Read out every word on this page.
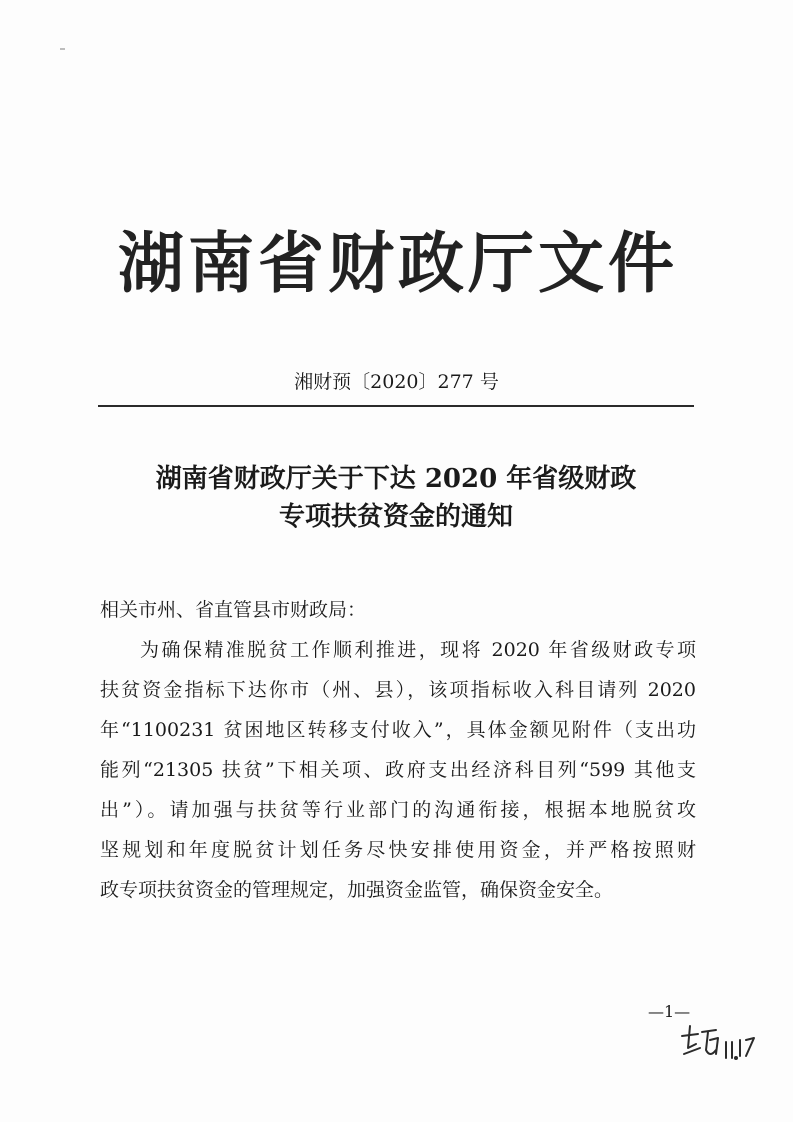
湖南省财政厅文件
湘财预〔2020〕277 号
湖南省财政厅关于下达 2020 年省级财政
专项扶贫资金的通知
相关市州、省直管县市财政局：
为确保精准脱贫工作顺利推进，现将 2020 年省级财政专项
扶贫资金指标下达你市（州、县），该项指标收入科目请列 2020
年“1100231 贫困地区转移支付收入”，具体金额见附件（支出功
能列“21305 扶贫”下相关项、政府支出经济科目列“599 其他支
出”）。请加强与扶贫等行业部门的沟通衔接，根据本地脱贫攻
坚规划和年度脱贫计划任务尽快安排使用资金，并严格按照财
政专项扶贫资金的管理规定，加强资金监管，确保资金安全。
—1—
